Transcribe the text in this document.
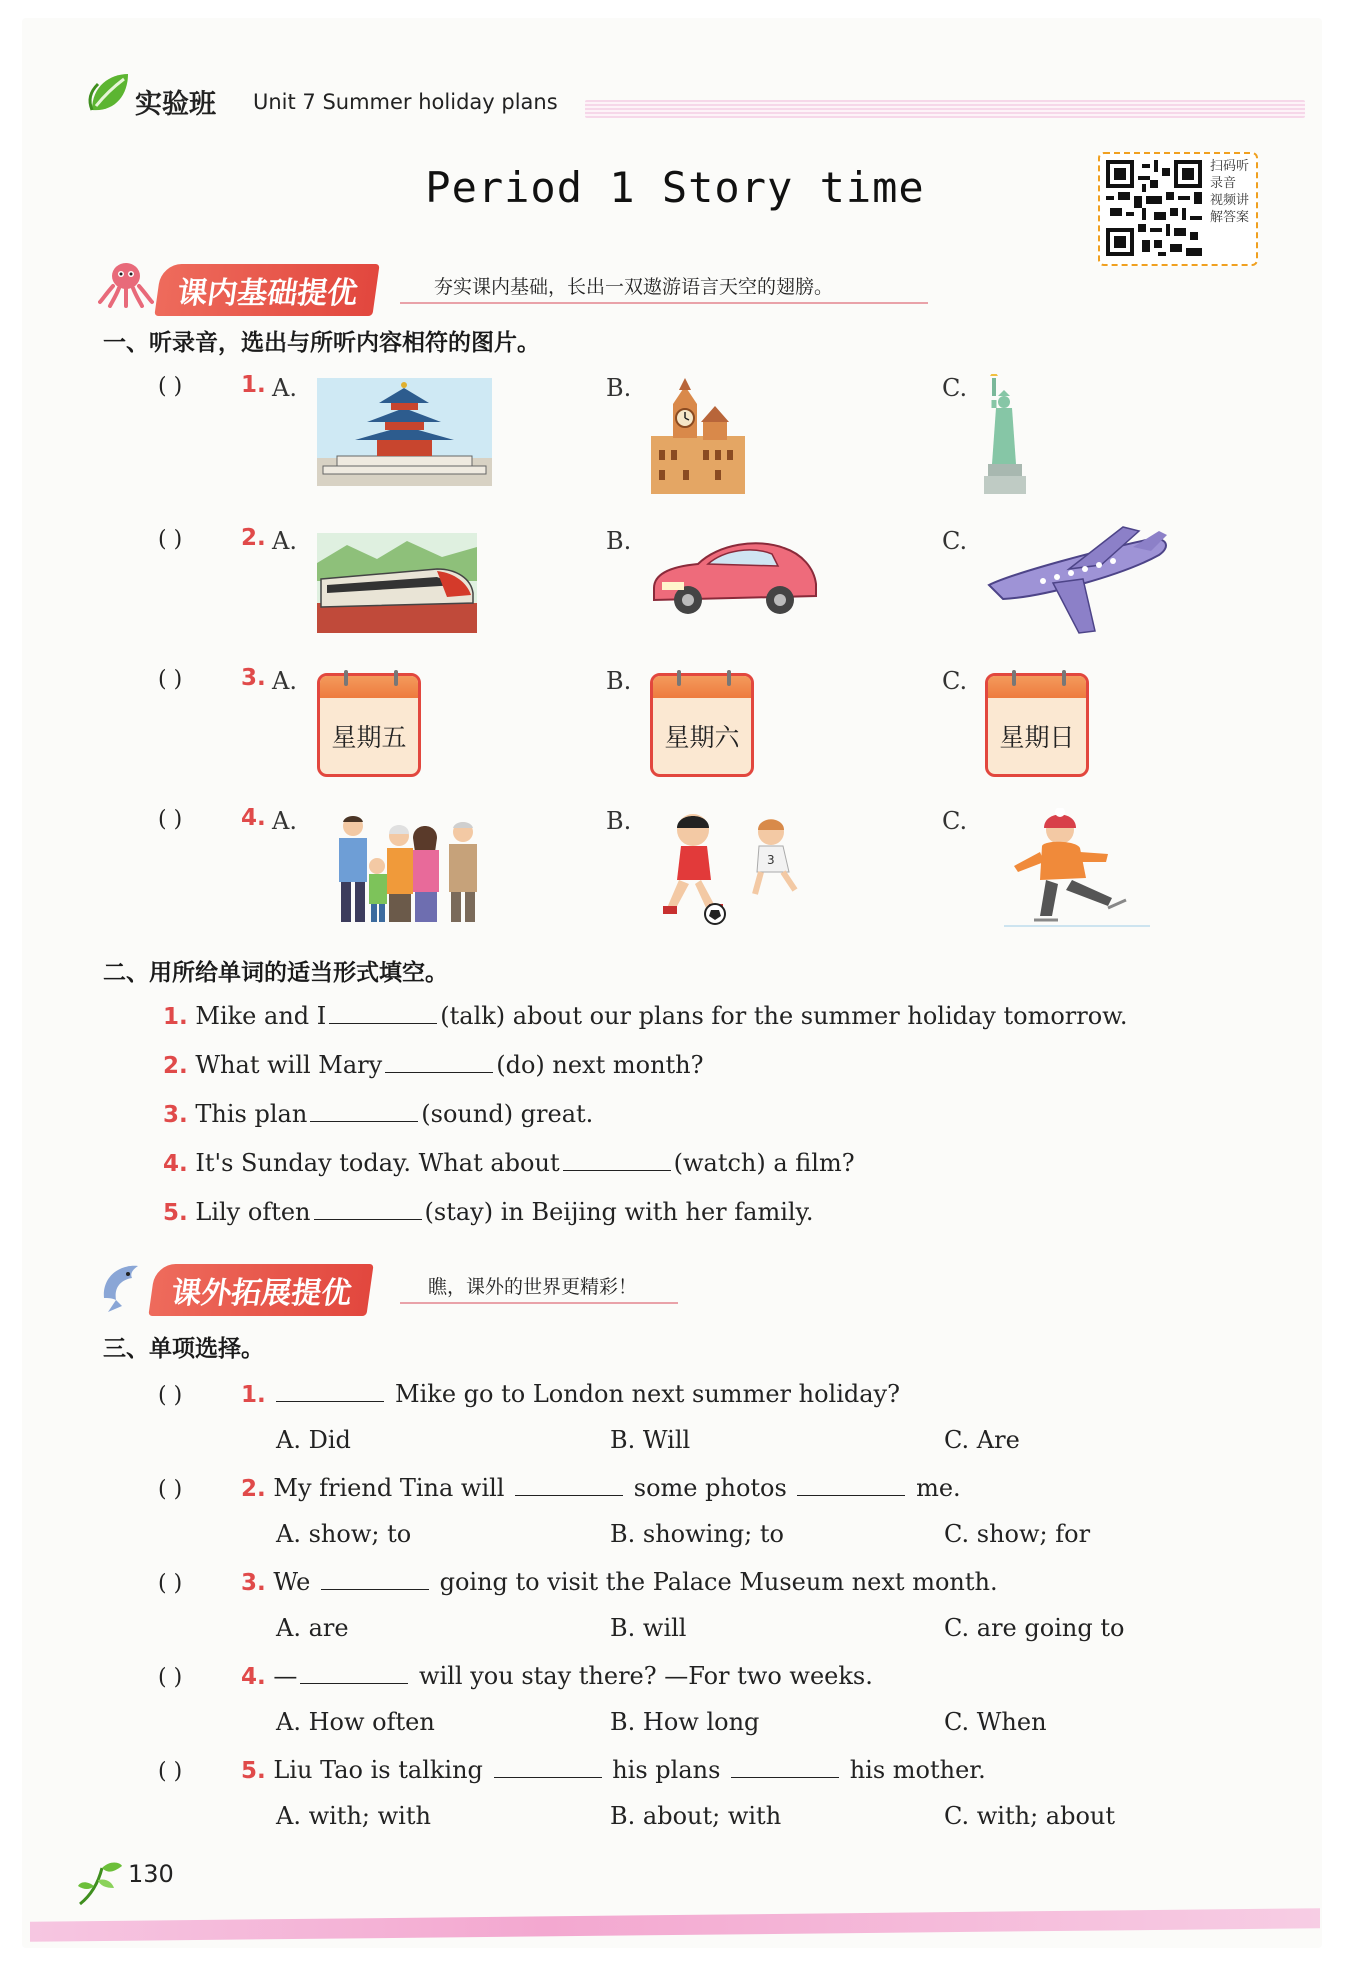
实验班 Unit 7 Summer holiday plans
Period 1 Story time	扫码听录音 视频讲解答案
课内基础提优	夯实课内基础，长出一双遨游语言天空的翅膀。
一、听录音，选出与所听内容相符的图片。
( )	1. A.	B.	C.
( )	2. A.	B.	C.
( )	3. A.	B.	C.
星期五	星期六	星期日
( )	4. A.	B.	C.
3
二、用所给单词的适当形式填空。
1. Mike and I	(talk) about our plans for the summer holiday tomorrow.
2. What will Mary	(do) next month?
3. This plan	(sound) great.
4. It's Sunday today. What about	(watch) a film?
5. Lily often	(stay) in Beijing with her family.
课外拓展提优	瞧，课外的世界更精彩！
三、单项选择。
( )	1.	Mike go to London next summer holiday?
A. Did	B. Will	C. Are
( )	2. My friend Tina will	some photos	me.
A. show; to	B. showing; to	C. show; for
( )	3. We	going to visit the Palace Museum next month.
A. are	B. will	C. are going to
( )	4. —	will you stay there? —For two weeks.
A. How often	B. How long	C. When
( )	5. Liu Tao is talking	his plans	his mother.
A. with; with	B. about; with	C. with; about
130
